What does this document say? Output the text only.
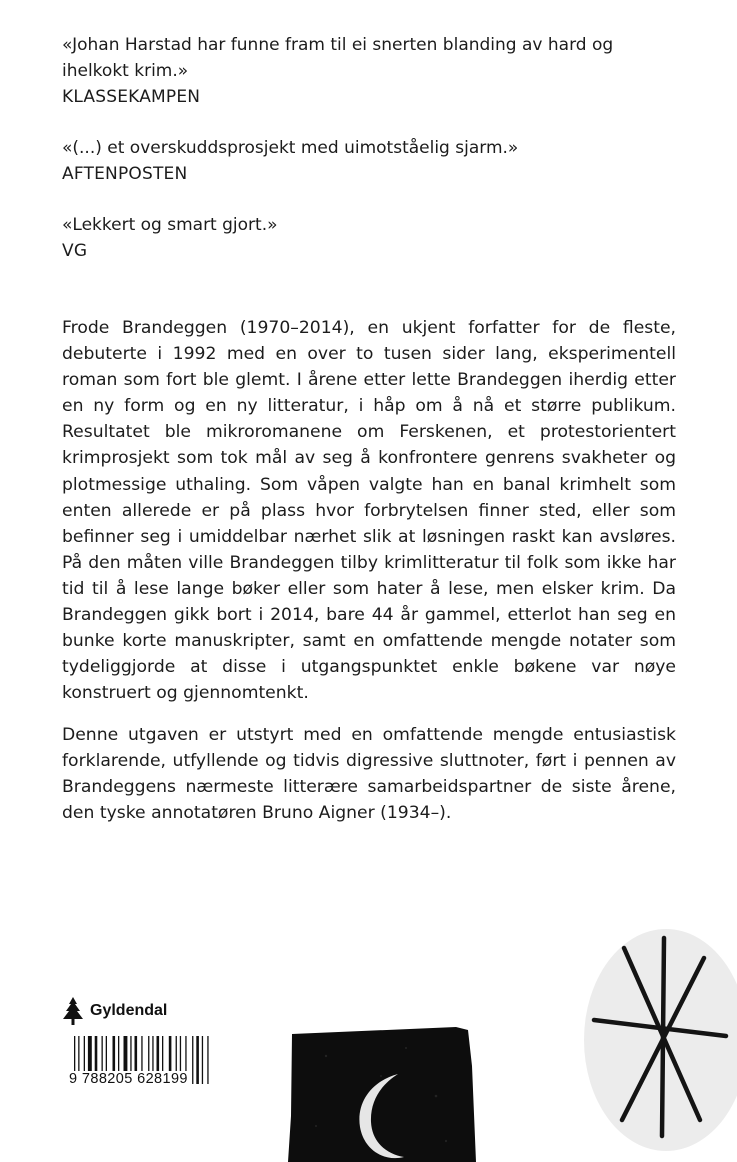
«Johan Harstad har funne fram til ei snerten blanding av hard og ihelkokt krim.»

KLASSEKAMPEN

«(...) et overskuddsprosjekt med uimotståelig sjarm.»

AFTENPOSTEN

«Lekkert og smart gjort.»

VG

Frode Brandeggen (1970–2014), en ukjent forfatter for de fleste, debuterte i 1992 med en over to tusen sider lang, eksperimentell roman som fort ble glemt. I årene etter lette Brandeggen iherdig etter en ny form og en ny litteratur, i håp om å nå et større publikum. Resultatet ble mikroromanene om Ferskenen, et protestorientert krimprosjekt som tok mål av seg å konfrontere genrens svakheter og plotmessige uthaling. Som våpen valgte han en banal krimhelt som enten allerede er på plass hvor forbrytelsen finner sted, eller som befinner seg i umiddelbar nærhet slik at løsningen raskt kan avsløres. På den måten ville Brandeggen tilby krimlitteratur til folk som ikke har tid til å lese lange bøker eller som hater å lese, men elsker krim. Da Brandeggen gikk bort i 2014, bare 44 år gammel, etterlot han seg en bunke korte manuskripter, samt en omfattende mengde notater som tydeliggjorde at disse i utgangspunktet enkle bøkene var nøye konstruert og gjennomtenkt.

Denne utgaven er utstyrt med en omfattende mengde entusiastisk forklarende, utfyllende og tidvis digressive sluttnoter, ført i pennen av Brandeggens nærmeste litterære samarbeidspartner de siste årene, den tyske annotatøren Bruno Aigner (1934–).

Gyldendal
9 788205 628199
